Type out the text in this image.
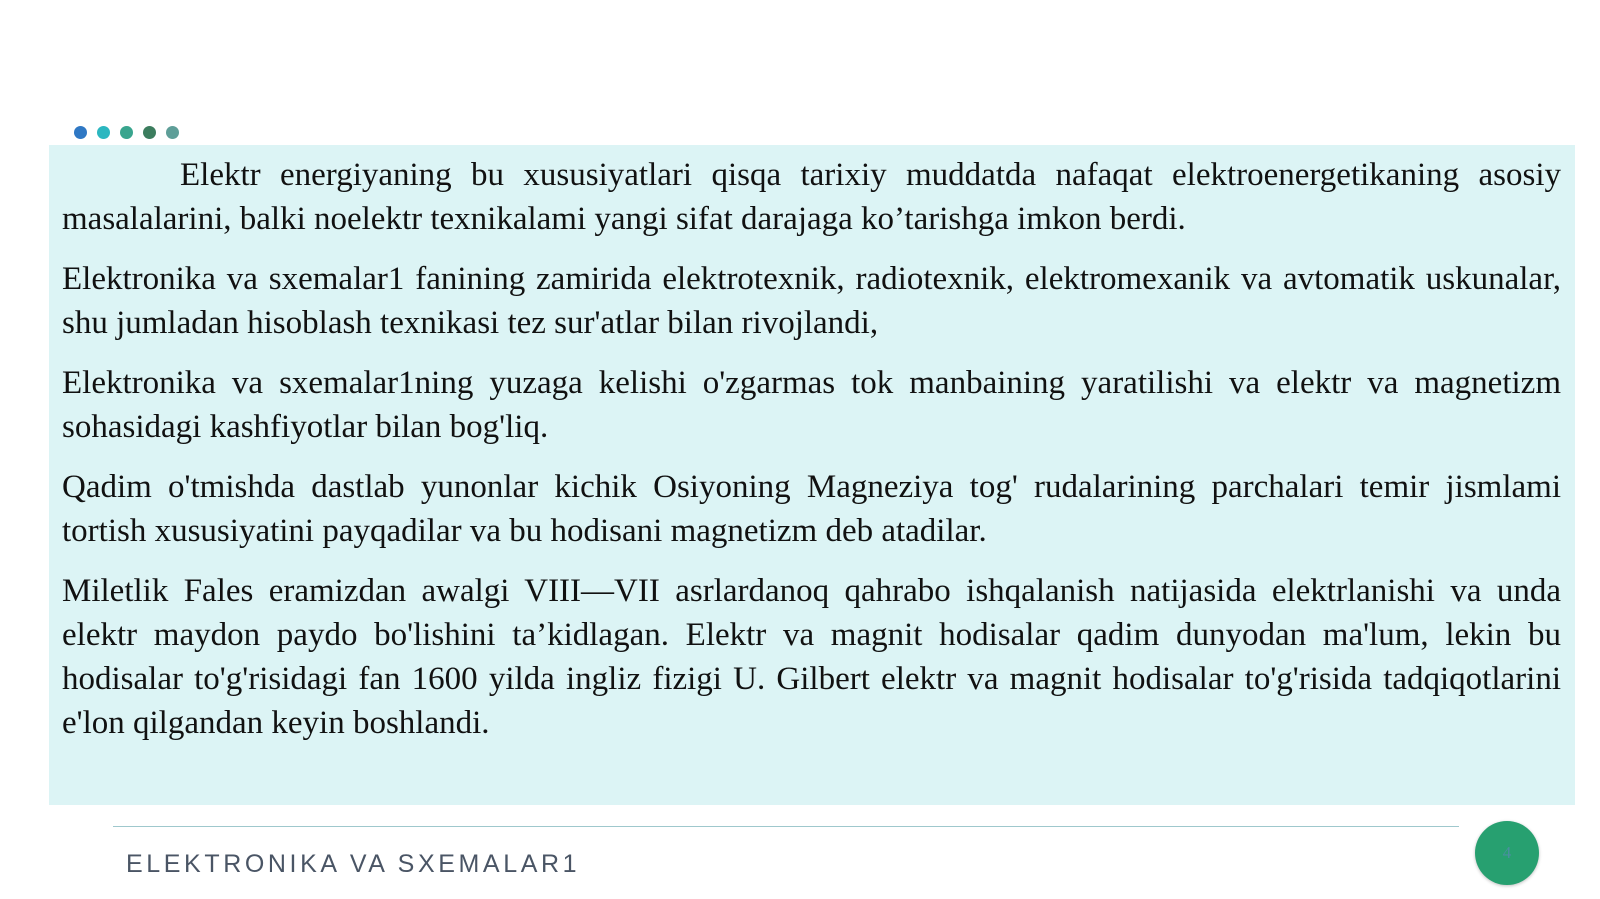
Elektr energiyaning bu xususiyatlari qisqa tarixiy muddatda nafaqat elektroenergetikaning asosiy masalalarini, balki noelektr texnikalami yangi sifat darajaga ko’tarishga imkon berdi.

Elektronika va sxemalar1 fanining zamirida elektrotexnik, radiotexnik, elektromexanik va avtomatik uskunalar, shu jumladan hisoblash texnikasi tez sur'atlar bilan rivojlandi,

Elektronika va sxemalar1ning yuzaga kelishi o'zgarmas tok manbaining yaratilishi va elektr va magnetizm sohasidagi kashfiyotlar bilan bog'liq.

Qadim o'tmishda dastlab yunonlar kichik Osiyoning Magneziya tog' rudalarining parchalari temir jismlami tortish xususiyatini payqadilar va bu hodisani magnetizm deb atadilar.

Miletlik Fales eramizdan awalgi VIII—VII asrlardanoq qahrabo ishqalanish natijasida elektrlanishi va unda elektr maydon paydo bo'lishini ta’kidlagan. Elektr va magnit hodisalar qadim dunyodan ma'lum, lekin bu hodisalar to'g'risidagi fan 1600 yilda ingliz fizigi U. Gilbert elektr va magnit hodisalar to'g'risida tadqiqotlarini e'lon qilgandan keyin boshlandi.

ELEKTRONIKA VA SXEMALAR1	4
